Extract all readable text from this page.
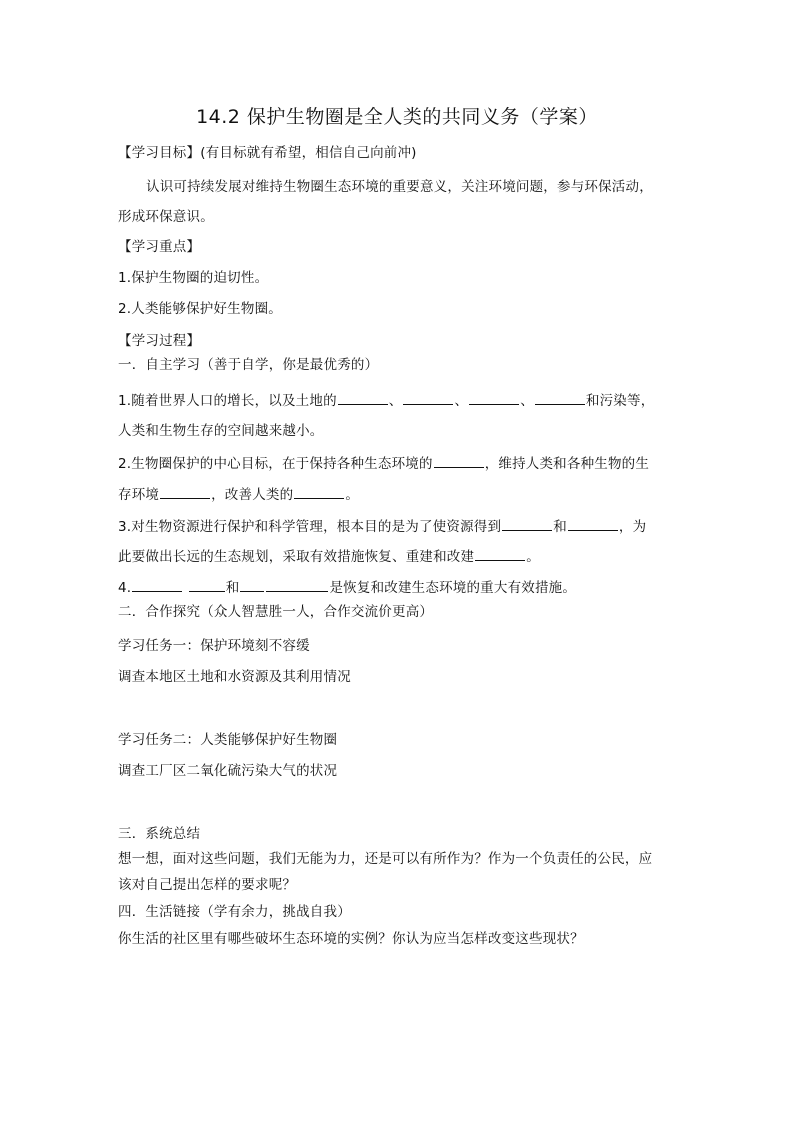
14.2 保护生物圈是全人类的共同义务（学案）
【学习目标】(有目标就有希望，相信自己向前冲)
认识可持续发展对维持生物圈生态环境的重要意义，关注环境问题，参与环保活动，
形成环保意识。
【学习重点】
1.保护生物圈的迫切性。
2.人类能够保护好生物圈。
【学习过程】
一．自主学习（善于自学，你是最优秀的）
1.随着世界人口的增长，以及土地的	、	、	、	和污染等，
人类和生物生存的空间越来越小。
2.生物圈保护的中心目标，在于保持各种生态环境的	，维持人类和各种生物的生
存环境	，改善人类的	。
3.对生物资源进行保护和科学管理，根本目的是为了使资源得到	和	，为
此要做出长远的生态规划，采取有效措施恢复、重建和改建	。
4.	和	是恢复和改建生态环境的重大有效措施。
二．合作探究（众人智慧胜一人，合作交流价更高）
学习任务一：保护环境刻不容缓
调查本地区土地和水资源及其利用情况
学习任务二：人类能够保护好生物圈
调查工厂区二氧化硫污染大气的状况
三．系统总结
想一想，面对这些问题，我们无能为力，还是可以有所作为？作为一个负责任的公民，应
该对自己提出怎样的要求呢？
四．生活链接（学有余力，挑战自我）
你生活的社区里有哪些破坏生态环境的实例？你认为应当怎样改变这些现状？
